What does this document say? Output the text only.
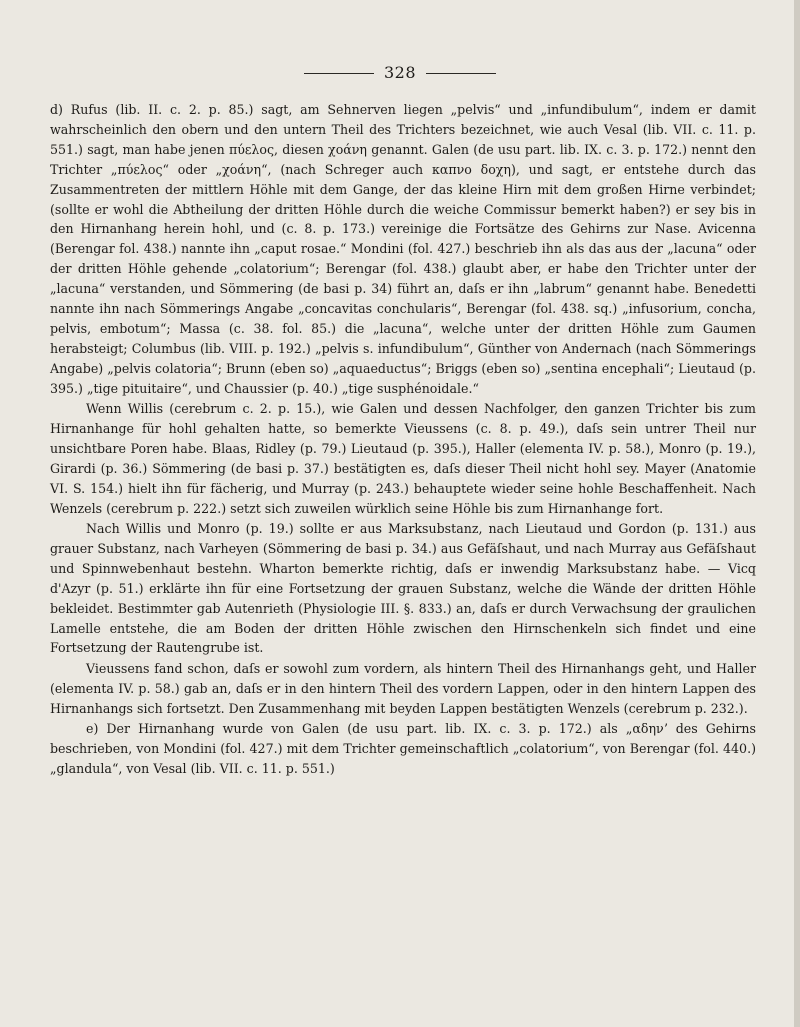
328

d) Rufus (lib. II. c. 2. p. 85.) sagt, am Sehnerven liegen „pelvis“ und „infundibulum“, indem er damit wahrscheinlich den obern und den untern Theil des Trichters bezeichnet, wie auch Vesal (lib. VII. c. 11. p. 551.) sagt, man habe jenen πύελος, diesen χοάνη genannt. Galen (de usu part. lib. IX. c. 3. p. 172.) nennt den Trichter „πύελος“ oder „χοάνη“, (nach Schreger auch καπνο δοχη), und sagt, er entstehe durch das Zusammentreten der mittlern Höhle mit dem Gange, der das kleine Hirn mit dem großen Hirne verbindet; (sollte er wohl die Abtheilung der dritten Höhle durch die weiche Commissur bemerkt haben?) er sey bis in den Hirnanhang herein hohl, und (c. 8. p. 173.) vereinige die Fortsätze des Gehirns zur Nase. Avicenna (Berengar fol. 438.) nannte ihn „caput rosae.“ Mondini (fol. 427.) beschrieb ihn als das aus der „lacuna“ oder der dritten Höhle gehende „colatorium“; Berengar (fol. 438.) glaubt aber, er habe den Trichter unter der „lacuna“ verstanden, und Sömmering (de basi p. 34) führt an, daſs er ihn „labrum“ genannt habe. Benedetti nannte ihn nach Sömmerings Angabe „concavitas conchularis“, Berengar (fol. 438. sq.) „infusorium, concha, pelvis, embotum“; Massa (c. 38. fol. 85.) die „lacuna“, welche unter der dritten Höhle zum Gaumen herabsteigt; Columbus (lib. VIII. p. 192.) „pelvis s. infundibulum“, Günther von Andernach (nach Sömmerings Angabe) „pelvis colatoria“; Brunn (eben so) „aquaeductus“; Briggs (eben so) „sentina encephali“; Lieutaud (p. 395.) „tige pituitaire“, und Chaussier (p. 40.) „tige susphénoidale.“

Wenn Willis (cerebrum c. 2. p. 15.), wie Galen und dessen Nachfolger, den ganzen Trichter bis zum Hirnanhange für hohl gehalten hatte, so bemerkte Vieussens (c. 8. p. 49.), daſs sein untrer Theil nur unsichtbare Poren habe. Blaas, Ridley (p. 79.) Lieutaud (p. 395.), Haller (elementa IV. p. 58.), Monro (p. 19.), Girardi (p. 36.) Sömmering (de basi p. 37.) bestätigten es, daſs dieser Theil nicht hohl sey. Mayer (Anatomie VI. S. 154.) hielt ihn für fächerig, und Murray (p. 243.) behauptete wieder seine hohle Beschaffenheit. Nach Wenzels (cerebrum p. 222.) setzt sich zuweilen würklich seine Höhle bis zum Hirnanhange fort.

Nach Willis und Monro (p. 19.) sollte er aus Marksubstanz, nach Lieutaud und Gordon (p. 131.) aus grauer Substanz, nach Varheyen (Sömmering de basi p. 34.) aus Gefäſshaut, und nach Murray aus Gefäſshaut und Spinnwebenhaut bestehn. Wharton bemerkte richtig, daſs er inwendig Marksubstanz habe. — Vicq d'Azyr (p. 51.) erklärte ihn für eine Fortsetzung der grauen Substanz, welche die Wände der dritten Höhle bekleidet. Bestimmter gab Autenrieth (Physiologie III. §. 833.) an, daſs er durch Verwachsung der graulichen Lamelle entstehe, die am Boden der dritten Höhle zwischen den Hirnschenkeln sich findet und eine Fortsetzung der Rautengrube ist.

Vieussens fand schon, daſs er sowohl zum vordern, als hintern Theil des Hirnanhangs geht, und Haller (elementa IV. p. 58.) gab an, daſs er in den hintern Theil des vordern Lappen, oder in den hintern Lappen des Hirnanhangs sich fortsetzt. Den Zusammenhang mit beyden Lappen bestätigten Wenzels (cerebrum p. 232.).

e) Der Hirnanhang wurde von Galen (de usu part. lib. IX. c. 3. p. 172.) als „αδηνʼ des Gehirns beschrieben, von Mondini (fol. 427.) mit dem Trichter gemeinschaftlich „colatorium“, von Berengar (fol. 440.) „glandula“, von Vesal (lib. VII. c. 11. p. 551.)
